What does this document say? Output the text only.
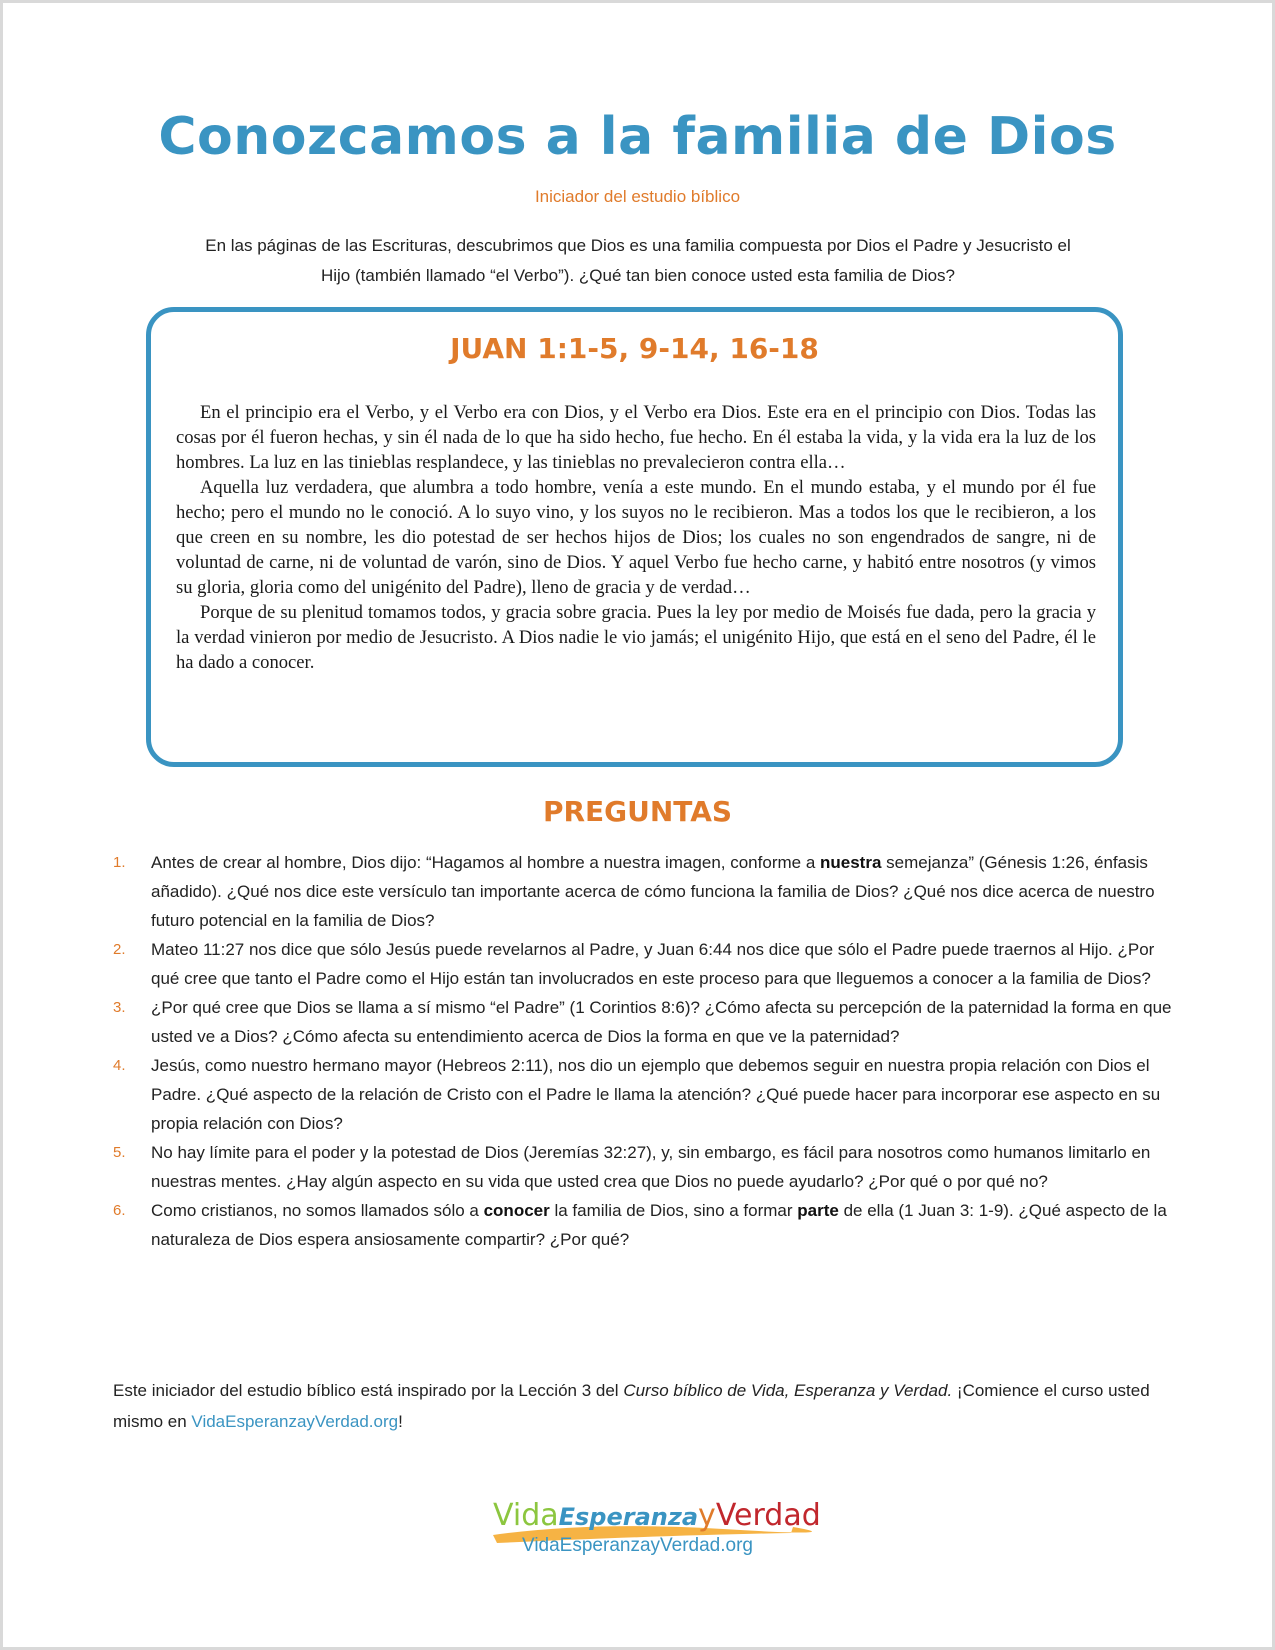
Conozcamos a la familia de Dios
Iniciador del estudio bíblico
En las páginas de las Escrituras, descubrimos que Dios es una familia compuesta por Dios el Padre y Jesucristo el
Hijo (también llamado “el Verbo”). ¿Qué tan bien conoce usted esta familia de Dios?
JUAN 1:1-5, 9-14, 16-18

En el principio era el Verbo, y el Verbo era con Dios, y el Verbo era Dios. Este era en el principio con Dios. Todas las cosas por él fueron hechas, y sin él nada de lo que ha sido hecho, fue hecho. En él estaba la vida, y la vida era la luz de los hombres. La luz en las tinieblas resplandece, y las tinieblas no prevalecieron contra ella…

Aquella luz verdadera, que alumbra a todo hombre, venía a este mundo. En el mundo estaba, y el mundo por él fue hecho; pero el mundo no le conoció. A lo suyo vino, y los suyos no le recibieron. Mas a todos los que le recibieron, a los que creen en su nombre, les dio potestad de ser hechos hijos de Dios; los cuales no son engendrados de sangre, ni de voluntad de carne, ni de voluntad de varón, sino de Dios. Y aquel Verbo fue hecho carne, y habitó entre nosotros (y vimos su gloria, gloria como del unigénito del Padre), lleno de gracia y de verdad…

Porque de su plenitud tomamos todos, y gracia sobre gracia. Pues la ley por medio de Moisés fue dada, pero la gracia y la verdad vinieron por medio de Jesucristo. A Dios nadie le vio jamás; el unigénito Hijo, que está en el seno del Padre, él le ha dado a conocer.

PREGUNTAS
1. Antes de crear al hombre, Dios dijo: “Hagamos al hombre a nuestra imagen, conforme a nuestra semejanza” (Génesis 1:26, énfasis añadido). ¿Qué nos dice este versículo tan importante acerca de cómo funciona la familia de Dios? ¿Qué nos dice acerca de nuestro futuro potencial en la familia de Dios?
2. Mateo 11:27 nos dice que sólo Jesús puede revelarnos al Padre, y Juan 6:44 nos dice que sólo el Padre puede traernos al Hijo. ¿Por qué cree que tanto el Padre como el Hijo están tan involucrados en este proceso para que lleguemos a conocer a la familia de Dios?
3. ¿Por qué cree que Dios se llama a sí mismo “el Padre” (1 Corintios 8:6)? ¿Cómo afecta su percepción de la paternidad la forma en que usted ve a Dios? ¿Cómo afecta su entendimiento acerca de Dios la forma en que ve la paternidad?
4. Jesús, como nuestro hermano mayor (Hebreos 2:11), nos dio un ejemplo que debemos seguir en nuestra propia relación con Dios el Padre. ¿Qué aspecto de la relación de Cristo con el Padre le llama la atención? ¿Qué puede hacer para incorporar ese aspecto en su propia relación con Dios?
5. No hay límite para el poder y la potestad de Dios (Jeremías 32:27), y, sin embargo, es fácil para nosotros como humanos limitarlo en nuestras mentes. ¿Hay algún aspecto en su vida que usted crea que Dios no puede ayudarlo? ¿Por qué o por qué no?
6. Como cristianos, no somos llamados sólo a conocer la familia de Dios, sino a formar parte de ella (1 Juan 3: 1-9). ¿Qué aspecto de la naturaleza de Dios espera ansiosamente compartir? ¿Por qué?
Este iniciador del estudio bíblico está inspirado por la Lección 3 del Curso bíblico de Vida, Esperanza y Verdad. ¡Comience el curso usted mismo en VidaEsperanzayVerdad.org!
VidaEsperanzayVerdad
VidaEsperanzayVerdad.org
